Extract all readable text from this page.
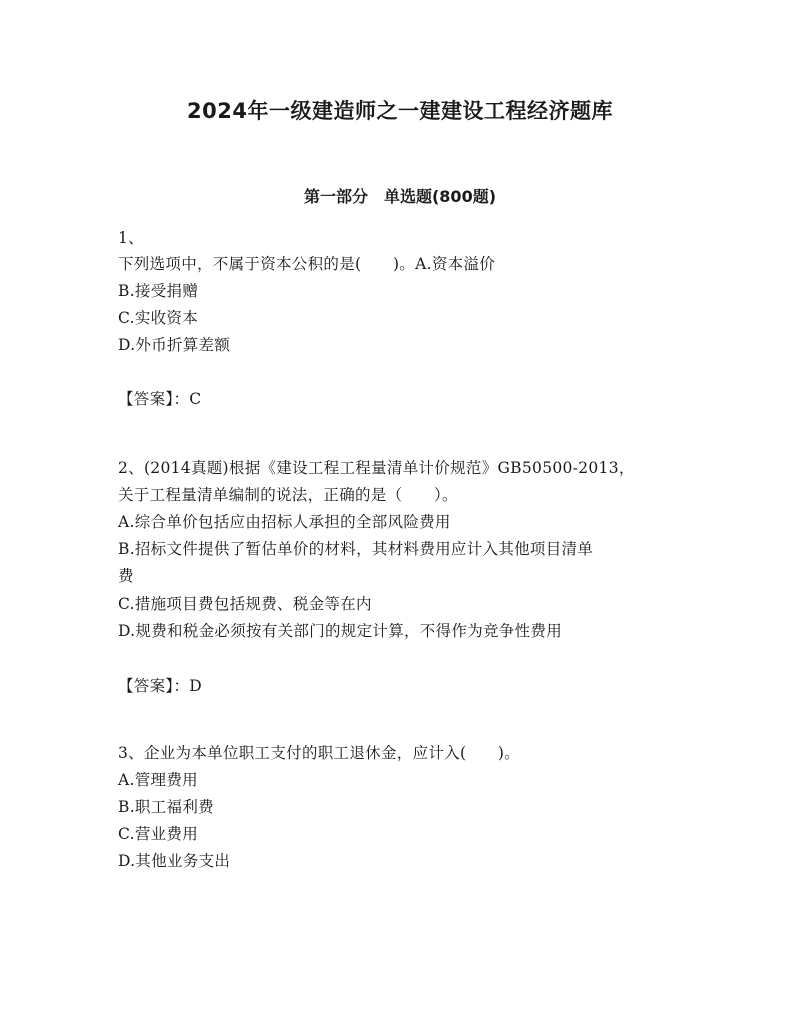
2024年一级建造师之一建建设工程经济题库
第一部分　单选题(800题)
1、
下列选项中，不属于资本公积的是(　　)。A.资本溢价
B.接受捐赠
C.实收资本
D.外币折算差额
【答案】：C
2、(2014真题)根据《建设工程工程量清单计价规范》GB50500-2013，
关于工程量清单编制的说法，正确的是（　　）。
A.综合单价包括应由招标人承担的全部风险费用
B.招标文件提供了暂估单价的材料，其材料费用应计入其他项目清单
费
C.措施项目费包括规费、税金等在内
D.规费和税金必须按有关部门的规定计算，不得作为竞争性费用
【答案】：D
3、企业为本单位职工支付的职工退休金，应计入(　　)。
A.管理费用
B.职工福利费
C.营业费用
D.其他业务支出
